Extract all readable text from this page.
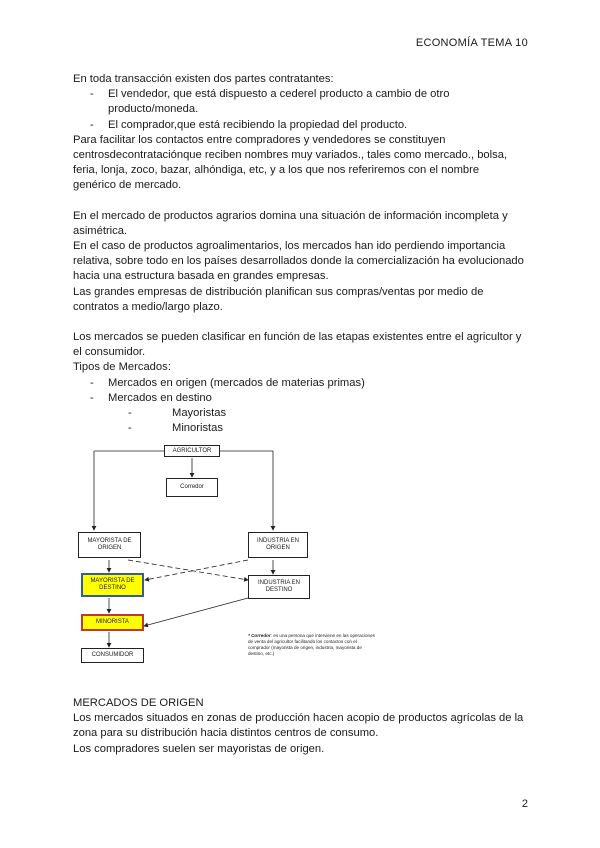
ECONOMÍA TEMA 10

En toda transacción existen dos partes contratantes:

- El vendedor, que está dispuesto a cederel producto a cambio de otro
producto/moneda.
- El comprador,que está recibiendo la propiedad del producto.

Para facilitar los contactos entre compradores y vendedores se constituyen
centrosdecontrataciónque reciben nombres muy variados., tales como mercado., bolsa,
feria, lonja, zoco, bazar, alhóndiga, etc, y a los que nos referiremos con el nombre
genérico de mercado.

En el mercado de productos agrarios domina una situación de información incompleta y
asimétrica.
En el caso de productos agroalimentarios, los mercados han ido perdiendo importancia
relativa, sobre todo en los países desarrollados donde la comercialización ha evolucionado
hacia una estructura basada en grandes empresas.
Las grandes empresas de distribución planifican sus compras/ventas por medio de
contratos a medio/largo plazo.

Los mercados se pueden clasificar en función de las etapas existentes entre el agricultor y
el consumidor.
Tipos de Mercados:

- Mercados en origen (mercados de materias primas)
- Mercados en destino
- Mayoristas
- Minoristas
AGRICULTOR
Corredor
MAYORISTA DE ORIGEN
INDUSTRIA EN ORIGEN
MAYORISTA DE DESTINO
INDUSTRIA EN DESTINO
MINORISTA
CONSUMIDOR
* Corredor: es una persona que interviene en las operaciones de venta del agricultor facilitando los contactos con el comprador (mayorista de origen, industria, mayorista de destino, etc.)

MERCADOS DE ORIGEN

Los mercados situados en zonas de producción hacen acopio de productos agrícolas de la
zona para su distribución hacia distintos centros de consumo.
Los compradores suelen ser mayoristas de origen.

2
